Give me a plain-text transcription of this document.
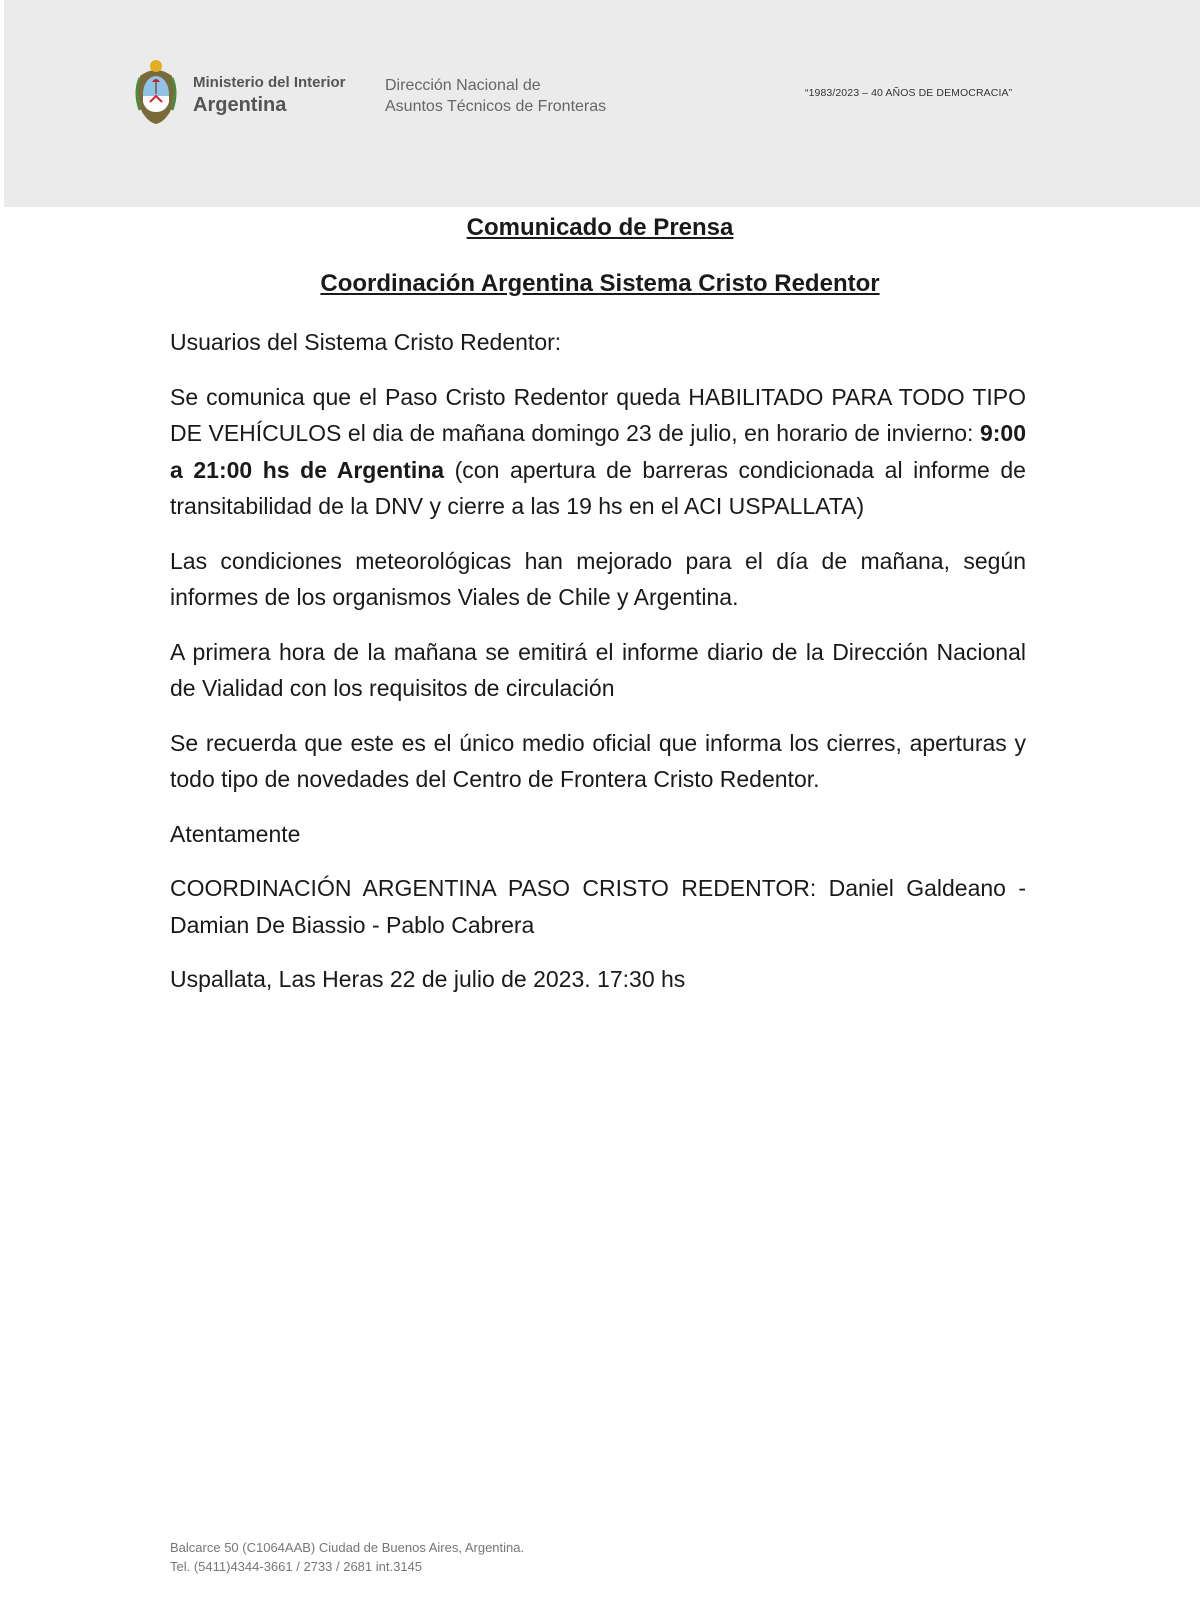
Ministerio del Interior
Argentina
Dirección Nacional de
Asuntos Técnicos de Fronteras
“1983/2023 – 40 AÑOS DE DEMOCRACIA”
Comunicado de Prensa
Coordinación Argentina Sistema Cristo Redentor

Usuarios del Sistema Cristo Redentor:

Se comunica que el Paso Cristo Redentor queda HABILITADO PARA TODO TIPO DE VEHÍCULOS el dia de mañana domingo 23 de julio, en horario de invierno: 9:00 a 21:00 hs de Argentina (con apertura de barreras condicionada al informe de transitabilidad de la DNV y cierre a las 19 hs en el ACI USPALLATA)

Las condiciones meteorológicas han mejorado para el día de mañana, según informes de los organismos Viales de Chile y Argentina.

A primera hora de la mañana se emitirá el informe diario de la Dirección Nacional de Vialidad con los requisitos de circulación

Se recuerda que este es el único medio oficial que informa los cierres, aperturas y todo tipo de novedades del Centro de Frontera Cristo Redentor.

Atentamente

COORDINACIÓN ARGENTINA PASO CRISTO REDENTOR: Daniel Galdeano - Damian De Biassio - Pablo Cabrera

Uspallata, Las Heras 22 de julio de 2023. 17:30 hs

Balcarce 50 (C1064AAB) Ciudad de Buenos Aires, Argentina.
Tel. (5411)4344-3661 / 2733 / 2681 int.3145
